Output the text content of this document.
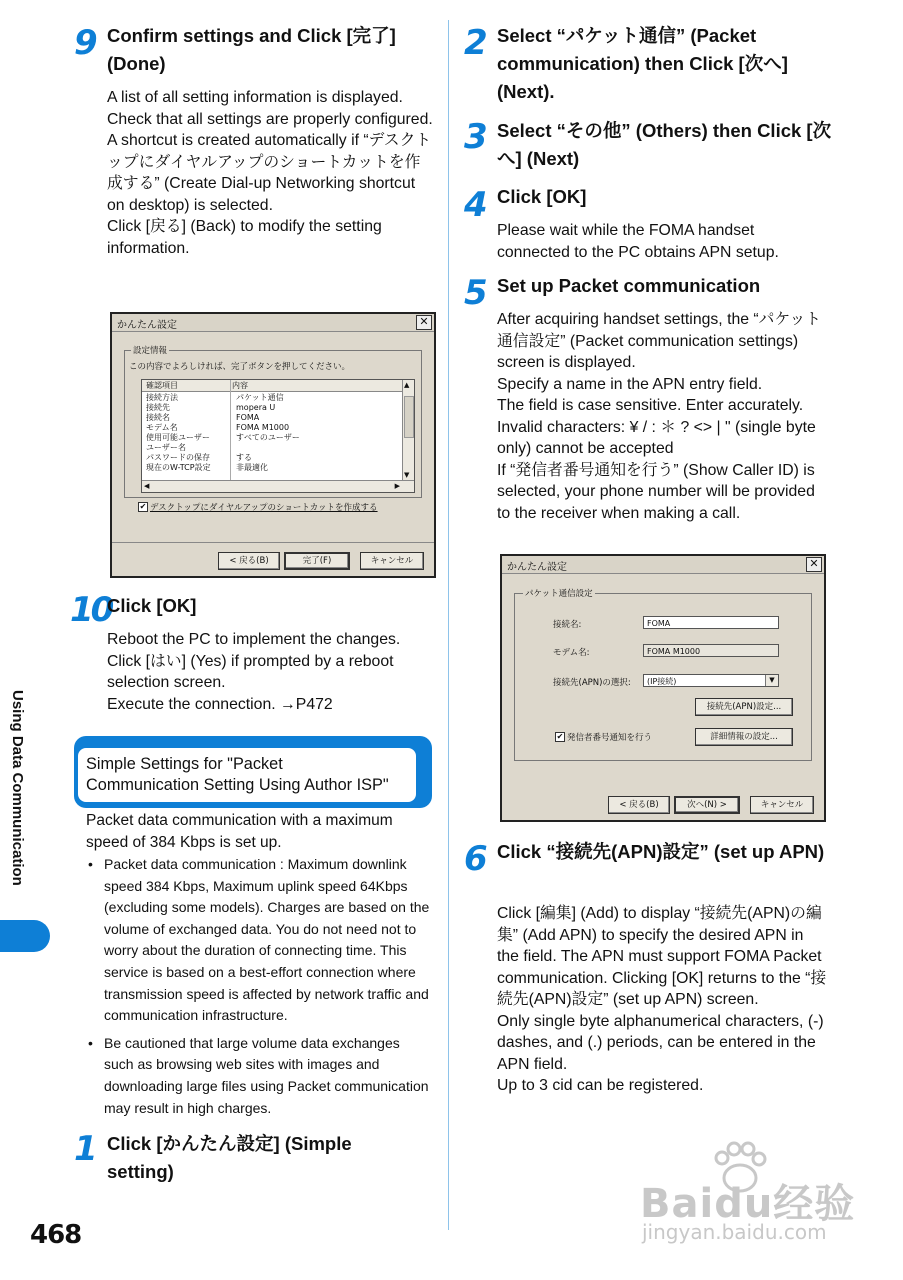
Using Data Communication
468
9 Confirm settings and Click [完了] (Done)
A list of all setting information is displayed. Check that all settings are properly configured.
A shortcut is created automatically if “デスクトップにダイヤルアップのショートカットを作成する” (Create Dial-up Networking shortcut on desktop) is selected.
Click [戻る] (Back) to modify the setting information.
かんたん設定	✕
設定情報
この内容でよろしければ、完了ボタンを押してください。
確認項目	内容
接続方法	パケット通信
接続先	mopera U
接続名	FOMA
モデム名	FOMA M1000
使用可能ユーザー	すべてのユーザー
ユーザー名
パスワードの保存	する
現在のW-TCP設定	非最適化
▲
▼
◀	▶
✔ デスクトップにダイヤルアップのショートカットを作成する
< 戻る(B)	完了(F)	キャンセル
10
Click [OK]
Reboot the PC to implement the changes.
Click [はい] (Yes) if prompted by a reboot selection screen.
Execute the connection. →P472
Simple Settings for "Packet
Communication Setting Using Author ISP"
Packet data communication with a maximum speed of 384 Kbps is set up.
• Packet data communication : Maximum downlink speed 384 Kbps, Maximum uplink speed 64Kbps (excluding some models). Charges are based on the volume of exchanged data. You do not need not to worry about the duration of connecting time. This service is based on a best-effort connection where transmission speed is affected by network traffic and communication infrastructure.
• Be cautioned that large volume data exchanges such as browsing web sites with images and downloading large files using Packet communication may result in high charges.
1 Click [かんたん設定] (Simple setting)
2 Select “パケット通信” (Packet communication) then Click [次へ] (Next).
3 Select “その他” (Others) then Click [次へ] (Next)
4 Click [OK]
Please wait while the FOMA handset connected to the PC obtains APN setup.
5 Set up Packet communication
After acquiring handset settings, the “パケット通信設定” (Packet communication settings) screen is displayed.
Specify a name in the APN entry field.
The field is case sensitive. Enter accurately.
Invalid characters: ¥ / : ＊ ? <> | " (single byte only) cannot be accepted
If “発信者番号通知を行う” (Show Caller ID) is selected, your phone number will be provided to the receiver when making a call.
かんたん設定	✕
パケット通信設定
接続名:	FOMA
モデム名:	FOMA M1000
接続先(APN)の選択:	(IP接続)	▼
接続先(APN)設定...
✔ 発信者番号通知を行う	詳細情報の設定...
< 戻る(B)	次へ(N) >	キャンセル
6 Click “接続先(APN)設定” (set up APN)
Click [編集] (Add) to display “接続先(APN)の編集” (Add APN) to specify the desired APN in the field. The APN must support FOMA Packet communication. Clicking [OK] returns to the “接続先(APN)設定” (set up APN) screen.
Only single byte alphanumerical characters, (-) dashes, and (.) periods, can be entered in the APN field.
Up to 3 cid can be registered.
Baidu经验
jingyan.baidu.com
